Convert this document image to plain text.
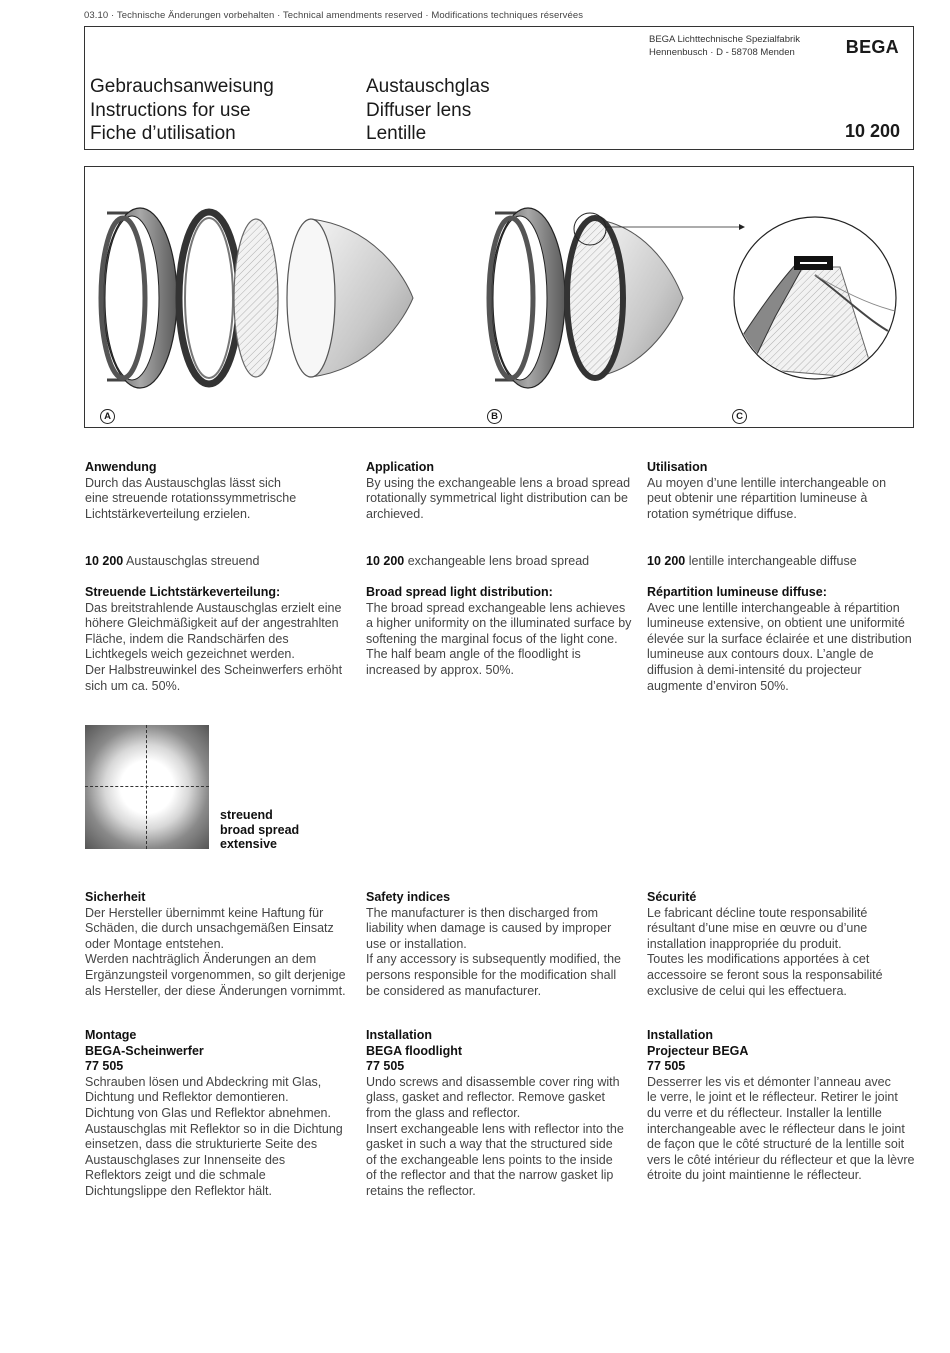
03.10 · Technische Änderungen vorbehalten · Technical amendments reserved · Modifications techniques réservées
BEGA Lichttechnische Spezialfabrik
Hennenbusch · D - 58708 Menden	BEGA
Gebrauchsanweisung
Instructions for use
Fiche d’utilisation
Austauschglas
Diffuser lens
Lentille	10 200
A	B	C
Anwendung
Durch das Austauschglas lässt sich
eine streuende rotationssymmetrische
Lichtstärkeverteilung erzielen.
10 200 Austauschglas streuend
Streuende Lichtstärkeverteilung:
Das breitstrahlende Austauschglas erzielt eine
höhere Gleichmäßigkeit auf der angestrahlten
Fläche, indem die Randschärfen des
Lichtkegels weich gezeichnet werden.
Der Halbstreuwinkel des Scheinwerfers erhöht
sich um ca. 50%.
Sicherheit
Der Hersteller übernimmt keine Haftung für
Schäden, die durch unsachgemäßen Einsatz
oder Montage entstehen.
Werden nachträglich Änderungen an dem
Ergänzungsteil vorgenommen, so gilt derjenige
als Hersteller, der diese Änderungen vornimmt.
Montage
BEGA-Scheinwerfer
77 505
Schrauben lösen und Abdeckring mit Glas,
Dichtung und Reflektor demontieren.
Dichtung von Glas und Reflektor abnehmen.
Austauschglas mit Reflektor so in die Dichtung
einsetzen, dass die strukturierte Seite des
Austauschglases zur Innenseite des
Reflektors zeigt und die schmale
Dichtungslippe den Reflektor hält.
Application
By using the exchangeable lens a broad spread
rotationally symmetrical light distribution can be
archieved.
10 200 exchangeable lens broad spread
Broad spread light distribution:
The broad spread exchangeable lens achieves
a higher uniformity on the illuminated surface by
softening the marginal focus of the light cone.
The half beam angle of the floodlight is
increased by approx. 50%.
Safety indices
The manufacturer is then discharged from
liability when damage is caused by improper
use or installation.
If any accessory is subsequently modified, the
persons responsible for the modification shall
be considered as manufacturer.
Installation
BEGA floodlight
77 505
Undo screws and disassemble cover ring with
glass, gasket and reflector. Remove gasket
from the glass and reflector.
Insert exchangeable lens with reflector into the
gasket in such a way that the structured side
of the exchangeable lens points to the inside
of the reflector and that the narrow gasket lip
retains the reflector.
Utilisation
Au moyen d’une lentille interchangeable on
peut obtenir une répartition lumineuse à
rotation symétrique diffuse.
10 200 lentille interchangeable diffuse
Répartition lumineuse diffuse:
Avec une lentille interchangeable à répartition
lumineuse extensive, on obtient une uniformité
élevée sur la surface éclairée et une distribution
lumineuse aux contours doux. L’angle de
diffusion à demi-intensité du projecteur
augmente d’environ 50%.
Sécurité
Le fabricant décline toute responsabilité
résultant d’une mise en œuvre ou d’une
installation inappropriée du produit.
Toutes les modifications apportées à cet
accessoire se feront sous la responsabilité
exclusive de celui qui les effectuera.
Installation
Projecteur BEGA
77 505
Desserrer les vis et démonter l’anneau avec
le verre, le joint et le réflecteur. Retirer le joint
du verre et du réflecteur. Installer la lentille
interchangeable avec le réflecteur dans le joint
de façon que le côté structuré de la lentille soit
vers le côté intérieur du réflecteur et que la lèvre
étroite du joint maintienne le réflecteur.
streuend
broad spread
extensive
